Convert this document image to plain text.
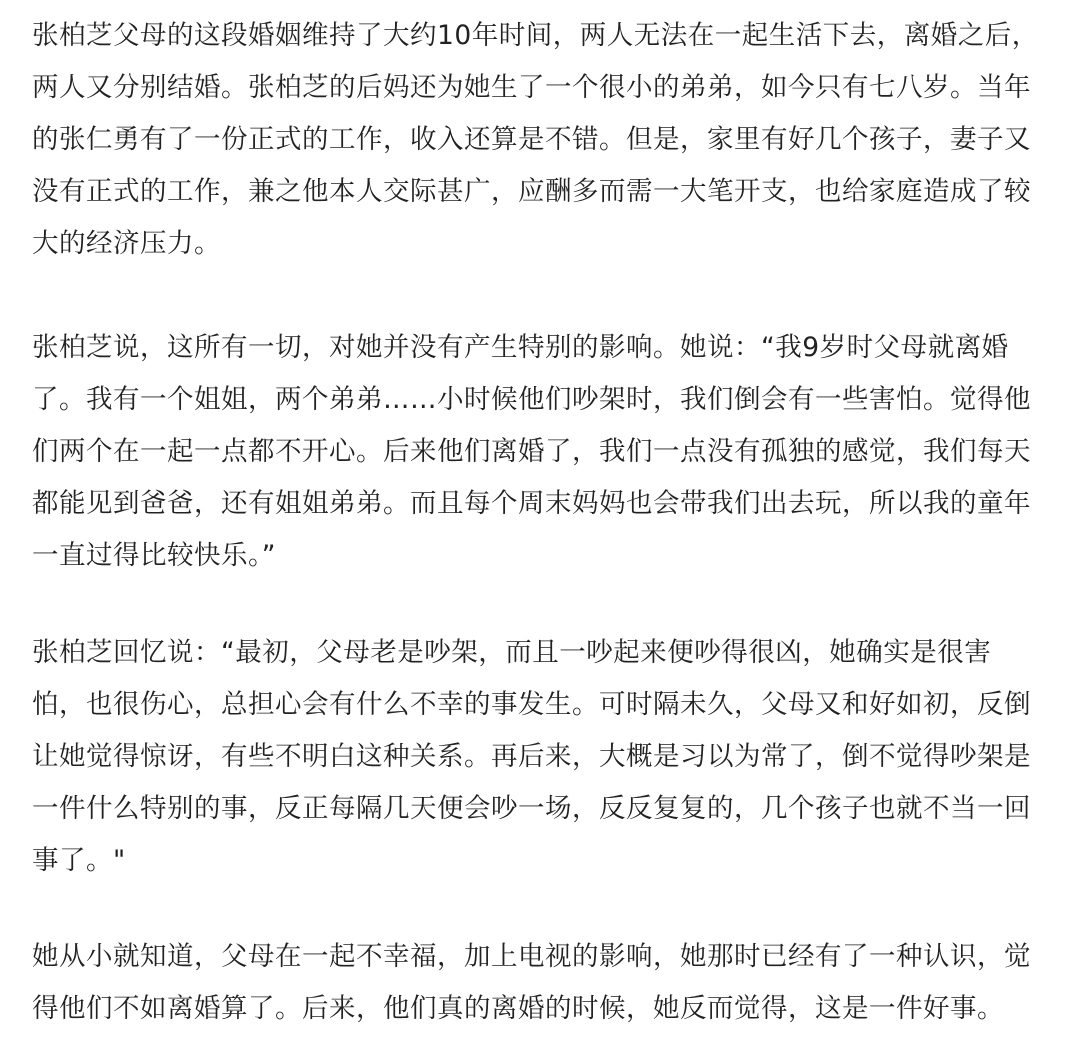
张柏芝父母的这段婚姻维持了大约10年时间，两人无法在一起生活下去，离婚之后，
两人又分别结婚。张柏芝的后妈还为她生了一个很小的弟弟，如今只有七八岁。当年
的张仁勇有了一份正式的工作，收入还算是不错。但是，家里有好几个孩子，妻子又
没有正式的工作，兼之他本人交际甚广，应酬多而需一大笔开支，也给家庭造成了较
大的经济压力。

张柏芝说，这所有一切，对她并没有产生特别的影响。她说：“我9岁时父母就离婚
了。我有一个姐姐，两个弟弟……小时候他们吵架时，我们倒会有一些害怕。觉得他
们两个在一起一点都不开心。后来他们离婚了，我们一点没有孤独的感觉，我们每天
都能见到爸爸，还有姐姐弟弟。而且每个周末妈妈也会带我们出去玩，所以我的童年
一直过得比较快乐。”

张柏芝回忆说：“最初，父母老是吵架，而且一吵起来便吵得很凶，她确实是很害
怕，也很伤心，总担心会有什么不幸的事发生。可时隔未久，父母又和好如初，反倒
让她觉得惊讶，有些不明白这种关系。再后来，大概是习以为常了，倒不觉得吵架是
一件什么特别的事，反正每隔几天便会吵一场，反反复复的，几个孩子也就不当一回
事了。"

她从小就知道，父母在一起不幸福，加上电视的影响，她那时已经有了一种认识，觉
得他们不如离婚算了。后来，他们真的离婚的时候，她反而觉得，这是一件好事。
